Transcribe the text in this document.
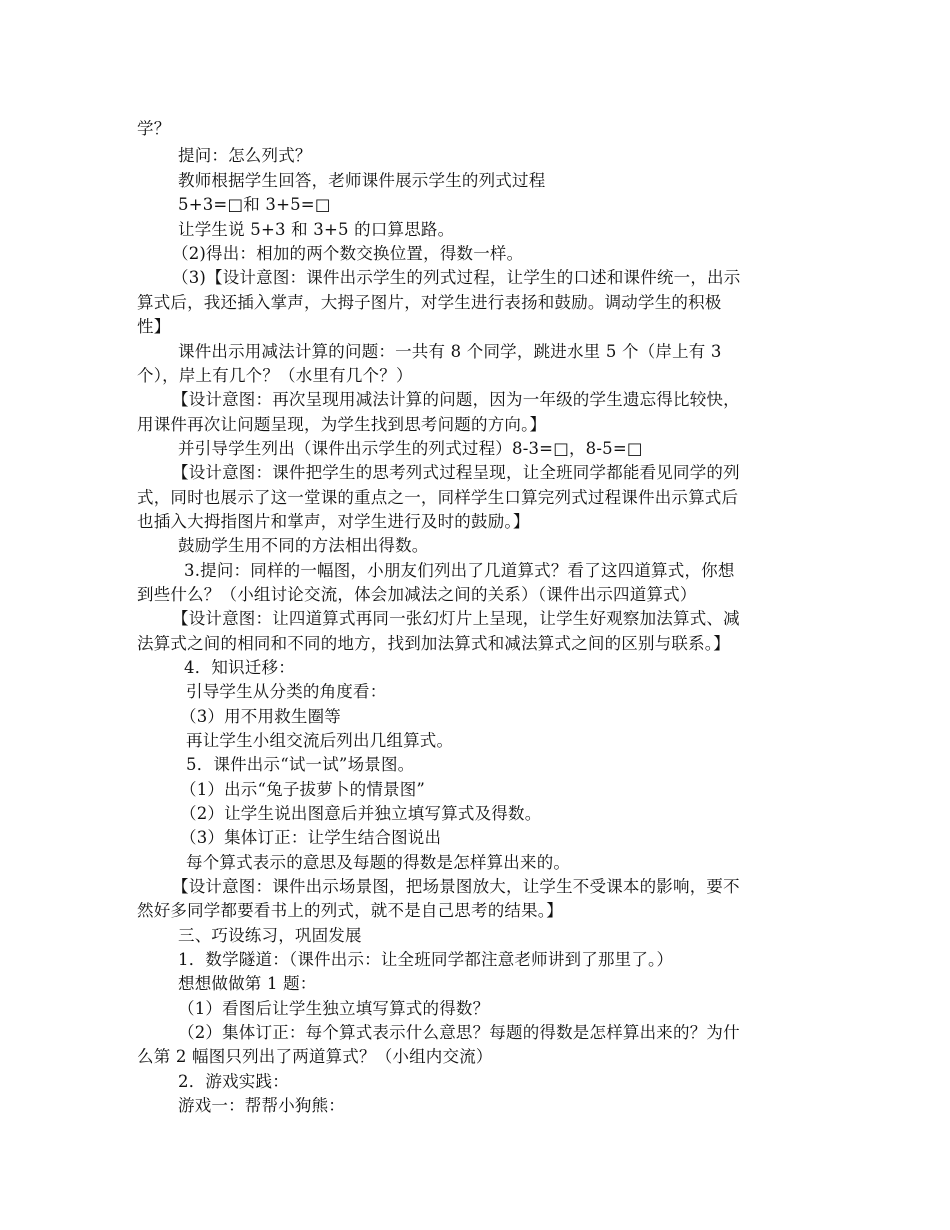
学？
提问：怎么列式？
教师根据学生回答，老师课件展示学生的列式过程
5+3=□和 3+5=□
让学生说 5+3 和 3+5 的口算思路。
（2)得出：相加的两个数交换位置，得数一样。
（3)【设计意图：课件出示学生的列式过程，让学生的口述和课件统一，出示
算式后，我还插入掌声，大拇子图片，对学生进行表扬和鼓励。调动学生的积极
性】
课件出示用减法计算的问题：一共有 8 个同学，跳进水里 5 个（岸上有 3
个），岸上有几个？（水里有几个？）
【设计意图：再次呈现用减法计算的问题，因为一年级的学生遗忘得比较快，
用课件再次让问题呈现，为学生找到思考问题的方向。】
并引导学生列出（课件出示学生的列式过程）8-3=□，8-5=□
【设计意图：课件把学生的思考列式过程呈现，让全班同学都能看见同学的列
式，同时也展示了这一堂课的重点之一，同样学生口算完列式过程课件出示算式后
也插入大拇指图片和掌声，对学生进行及时的鼓励。】
鼓励学生用不同的方法相出得数。
3.提问：同样的一幅图，小朋友们列出了几道算式？看了这四道算式，你想
到些什么？（小组讨论交流，体会加减法之间的关系）（课件出示四道算式）
【设计意图：让四道算式再同一张幻灯片上呈现，让学生好观察加法算式、减
法算式之间的相同和不同的地方，找到加法算式和减法算式之间的区别与联系。】
4．知识迁移：
引导学生从分类的角度看：
（3）用不用救生圈等
再让学生小组交流后列出几组算式。
5．课件出示“试一试”场景图。
（1）出示“兔子拔萝卜的情景图”
（2）让学生说出图意后并独立填写算式及得数。
（3）集体订正：让学生结合图说出
每个算式表示的意思及每题的得数是怎样算出来的。
【设计意图：课件出示场景图，把场景图放大，让学生不受课本的影响，要不
然好多同学都要看书上的列式，就不是自己思考的结果。】
三、巧设练习，巩固发展
1．数学隧道：（课件出示：让全班同学都注意老师讲到了那里了。）
想想做做第 1 题：
（1）看图后让学生独立填写算式的得数？
（2）集体订正：每个算式表示什么意思？每题的得数是怎样算出来的？为什
么第 2 幅图只列出了两道算式？（小组内交流）
2．游戏实践：
游戏一：帮帮小狗熊：
